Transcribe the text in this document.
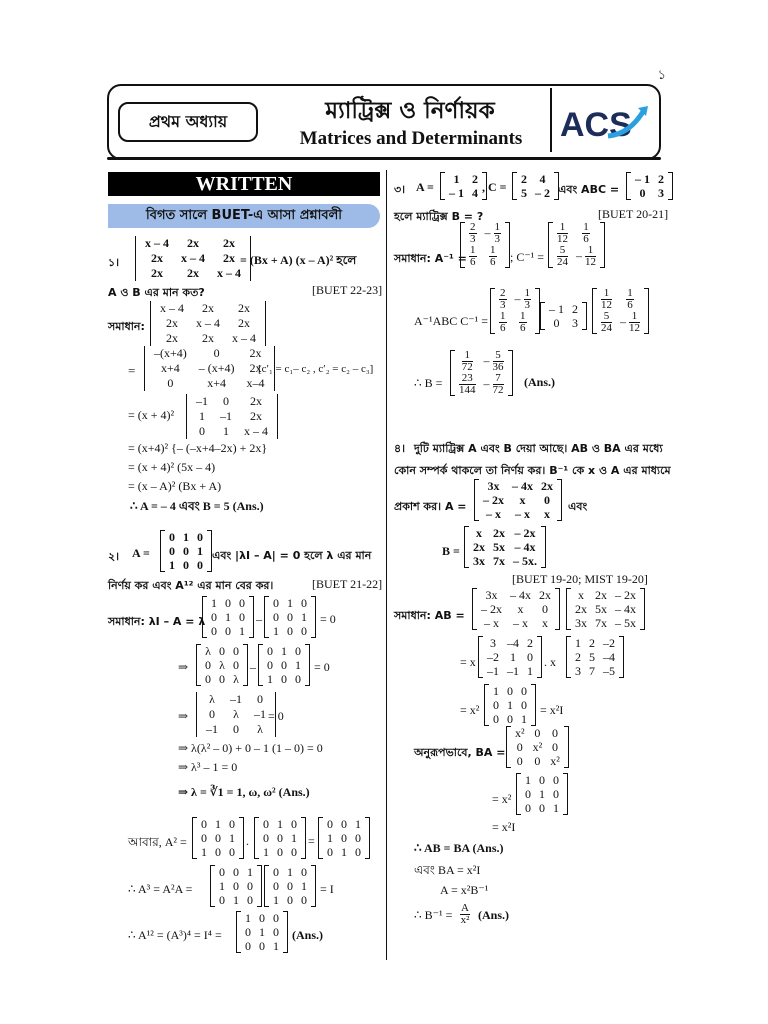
১
প্রথম অধ্যায়	ম্যাট্রিক্স ও নির্ণায়ক
Matrices and Determinants	ACS
WRITTEN
বিগত সালে BUET-এ আসা প্রশ্নাবলী
১।
x – 4	2x	2x
2x	x – 4	2x
2x	2x	x – 4
= (Bx + A) (x – A)² হলে
A ও B এর মান কত?	[BUET 22-23]
সমাধান:
x – 4	2x	2x
2x	x – 4	2x
2x	2x	x – 4
=
–(x+4)	0	2x
x+4	– (x+4)	2x
0	x+4	x–4
[c′₁ = c₁– c₂ , c′₂ = c₂ – c₃]
= (x + 4)²
–1	0	2x
1	–1	2x
0	1	x – 4
= (x+4)² {– (–x+4–2x) + 2x}
= (x + 4)² (5x – 4)
= (x – A)² (Bx + A)
∴ A = – 4 এবং B = 5 (Ans.)
২। A =
0	1	0
0	0	1
1	0	0
এবং |λI – A| = 0 হলে λ এর মান
নির্ণয় কর এবং A¹² এর মান বের কর।	[BUET 21-22]
সমাধান: λI – A = λ
1	0	0
0	1	0
0	0	1
–
0	1	0
0	0	1
1	0	0
= 0
⇒
λ	0	0
0	λ	0
0	0	λ
–
0	1	0
0	0	1
1	0	0
= 0
⇒
λ	–1	0
0	λ	–1
–1	0	λ
= 0
⇒ λ(λ² – 0) + 0 – 1 (1 – 0) = 0
⇒ λ³ – 1 = 0
⇒ λ = ∛1 = 1, ω, ω² (Ans.)
আবার, A² =
0	1	0
0	0	1
1	0	0
.
0	1	0
0	0	1
1	0	0
=
0	0	1
1	0	0
0	1	0
∴ A³ = A²A =
0	0	1
1	0	0
0	1	0
0	1	0
0	0	1
1	0	0
= I
∴ A¹² = (A³)⁴ = I⁴ =
1	0	0
0	1	0
0	0	1
(Ans.)
৩। A =
1	2
– 1	4 , C =
2	4
5	– 2 এবং ABC =
– 1	2
0	3
হলে ম্যাট্রিক্স B = ?	[BUET 20-21]
সমাধান: A⁻¹ =
$\frac{2}{3}$	– $\frac{1}{3}$

$\frac{1}{6}$	$\frac{1}{6}$ ; C⁻¹ =
$\frac{1}{12}$	$\frac{1}{6}$

$\frac{5}{24}$	– $\frac{1}{12}$
A⁻¹ABC C⁻¹ =
$\frac{2}{3}$	– $\frac{1}{3}$

$\frac{1}{6}$	$\frac{1}{6}$
– 1	2
0	3
$\frac{1}{12}$	$\frac{1}{6}$

$\frac{5}{24}$	– $\frac{1}{12}$
∴ B =
$\frac{1}{72}$	– $\frac{5}{36}$

$\frac{23}{144}$	– $\frac{7}{72} (Ans.)$
৪। দুটি ম্যাট্রিক্স A এবং B দেয়া আছে। AB ও BA এর মধ্যে
কোন সম্পর্ক থাকলে তা নির্ণয় কর। B⁻¹ কে x ও A এর মাধ্যমে
প্রকাশ কর। A =
3x	– 4x	2x
– 2x	x	0
– x	– x	x
এবং
B =
x	2x	– 2x
2x	5x	– 4x
3x	7x	– 5x.
[BUET 19-20; MIST 19-20]
সমাধান: AB =
3x	– 4x	2x
– 2x	x	0
– x	– x	x
x	2x	– 2x
2x	5x	– 4x
3x	7x	– 5x
= x
3	–4	2
–2	1	0
–1	–1	1
. x
1	2	–2
2	5	–4
3	7	–5
= x²
1	0	0
0	1	0
0	0	1
= x²I
অনুরূপভাবে, BA =
x²	0	0
0	x²	0
0	0	x²
= x²
1	0	0
0	1	0
0	0	1
= x²I
∴ AB = BA (Ans.)
এবং BA = x²I
A = x²B⁻¹
∴ B⁻¹ = A
x² (Ans.)
